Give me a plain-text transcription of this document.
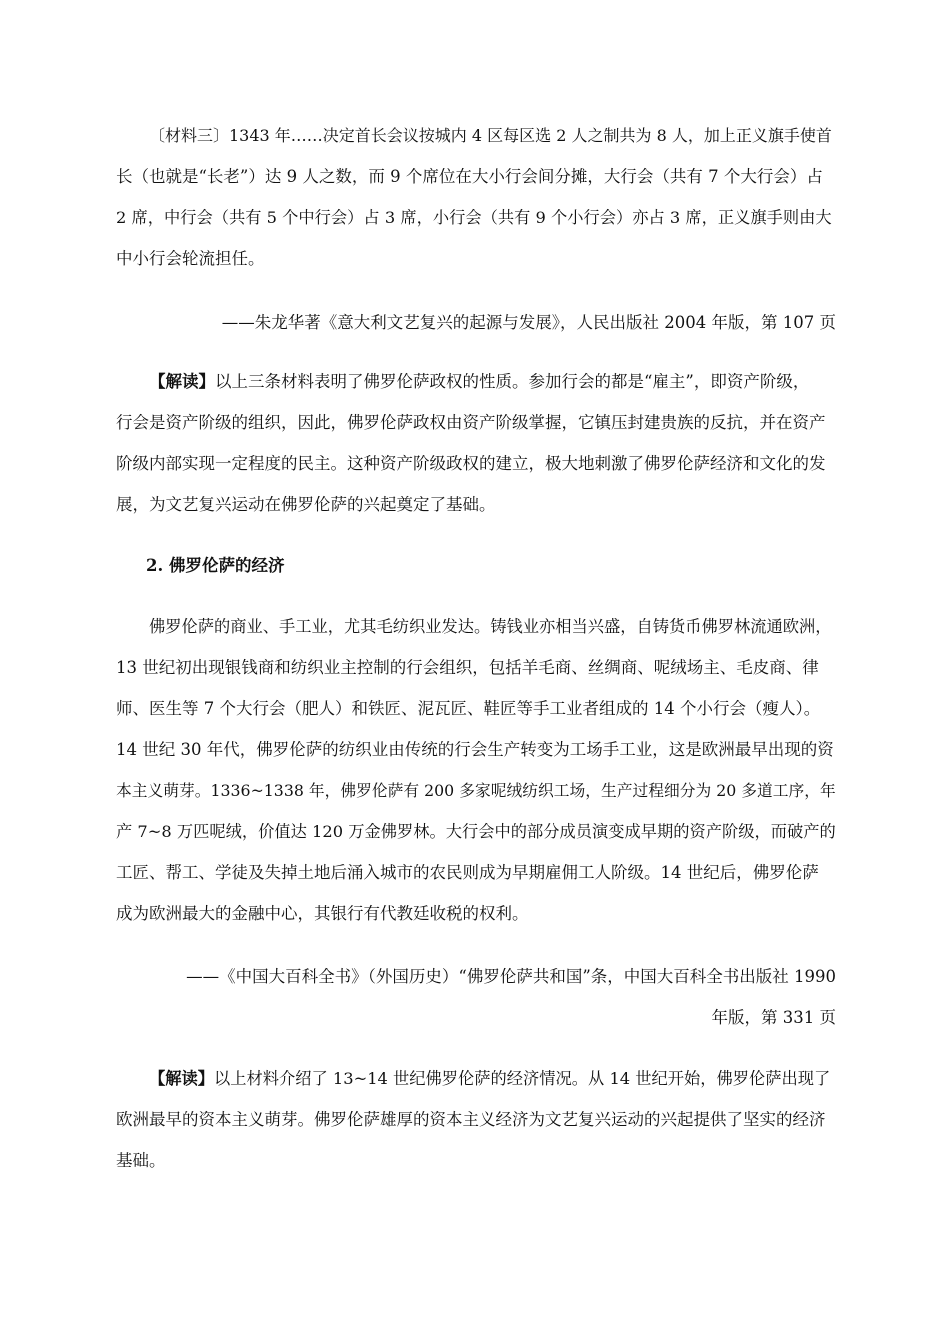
〔材料三〕1343 年……决定首长会议按城内 4 区每区选 2 人之制共为 8 人，加上正义旗手使首

长（也就是“长老”）达 9 人之数，而 9 个席位在大小行会间分摊，大行会（共有 7 个大行会）占

2 席，中行会（共有 5 个中行会）占 3 席，小行会（共有 9 个小行会）亦占 3 席，正义旗手则由大

中小行会轮流担任。

——朱龙华著《意大利文艺复兴的起源与发展》，人民出版社 2004 年版，第 107 页

【解读】以上三条材料表明了佛罗伦萨政权的性质。参加行会的都是“雇主”，即资产阶级，

行会是资产阶级的组织，因此，佛罗伦萨政权由资产阶级掌握，它镇压封建贵族的反抗，并在资产

阶级内部实现一定程度的民主。这种资产阶级政权的建立，极大地刺激了佛罗伦萨经济和文化的发

展，为文艺复兴运动在佛罗伦萨的兴起奠定了基础。

2. 佛罗伦萨的经济

佛罗伦萨的商业、手工业，尤其毛纺织业发达。铸钱业亦相当兴盛，自铸货币佛罗林流通欧洲，

13 世纪初出现银钱商和纺织业主控制的行会组织，包括羊毛商、丝绸商、呢绒场主、毛皮商、律

师、医生等 7 个大行会（肥人）和铁匠、泥瓦匠、鞋匠等手工业者组成的 14 个小行会（瘦人）。

14 世纪 30 年代，佛罗伦萨的纺织业由传统的行会生产转变为工场手工业，这是欧洲最早出现的资

本主义萌芽。1336~1338 年，佛罗伦萨有 200 多家呢绒纺织工场，生产过程细分为 20 多道工序，年

产 7~8 万匹呢绒，价值达 120 万金佛罗林。大行会中的部分成员演变成早期的资产阶级，而破产的

工匠、帮工、学徒及失掉土地后涌入城市的农民则成为早期雇佣工人阶级。14 世纪后，佛罗伦萨

成为欧洲最大的金融中心，其银行有代教廷收税的权利。

——《中国大百科全书》（外国历史）“佛罗伦萨共和国”条，中国大百科全书出版社 1990

年版，第 331 页

【解读】以上材料介绍了 13~14 世纪佛罗伦萨的经济情况。从 14 世纪开始，佛罗伦萨出现了

欧洲最早的资本主义萌芽。佛罗伦萨雄厚的资本主义经济为文艺复兴运动的兴起提供了坚实的经济

基础。
